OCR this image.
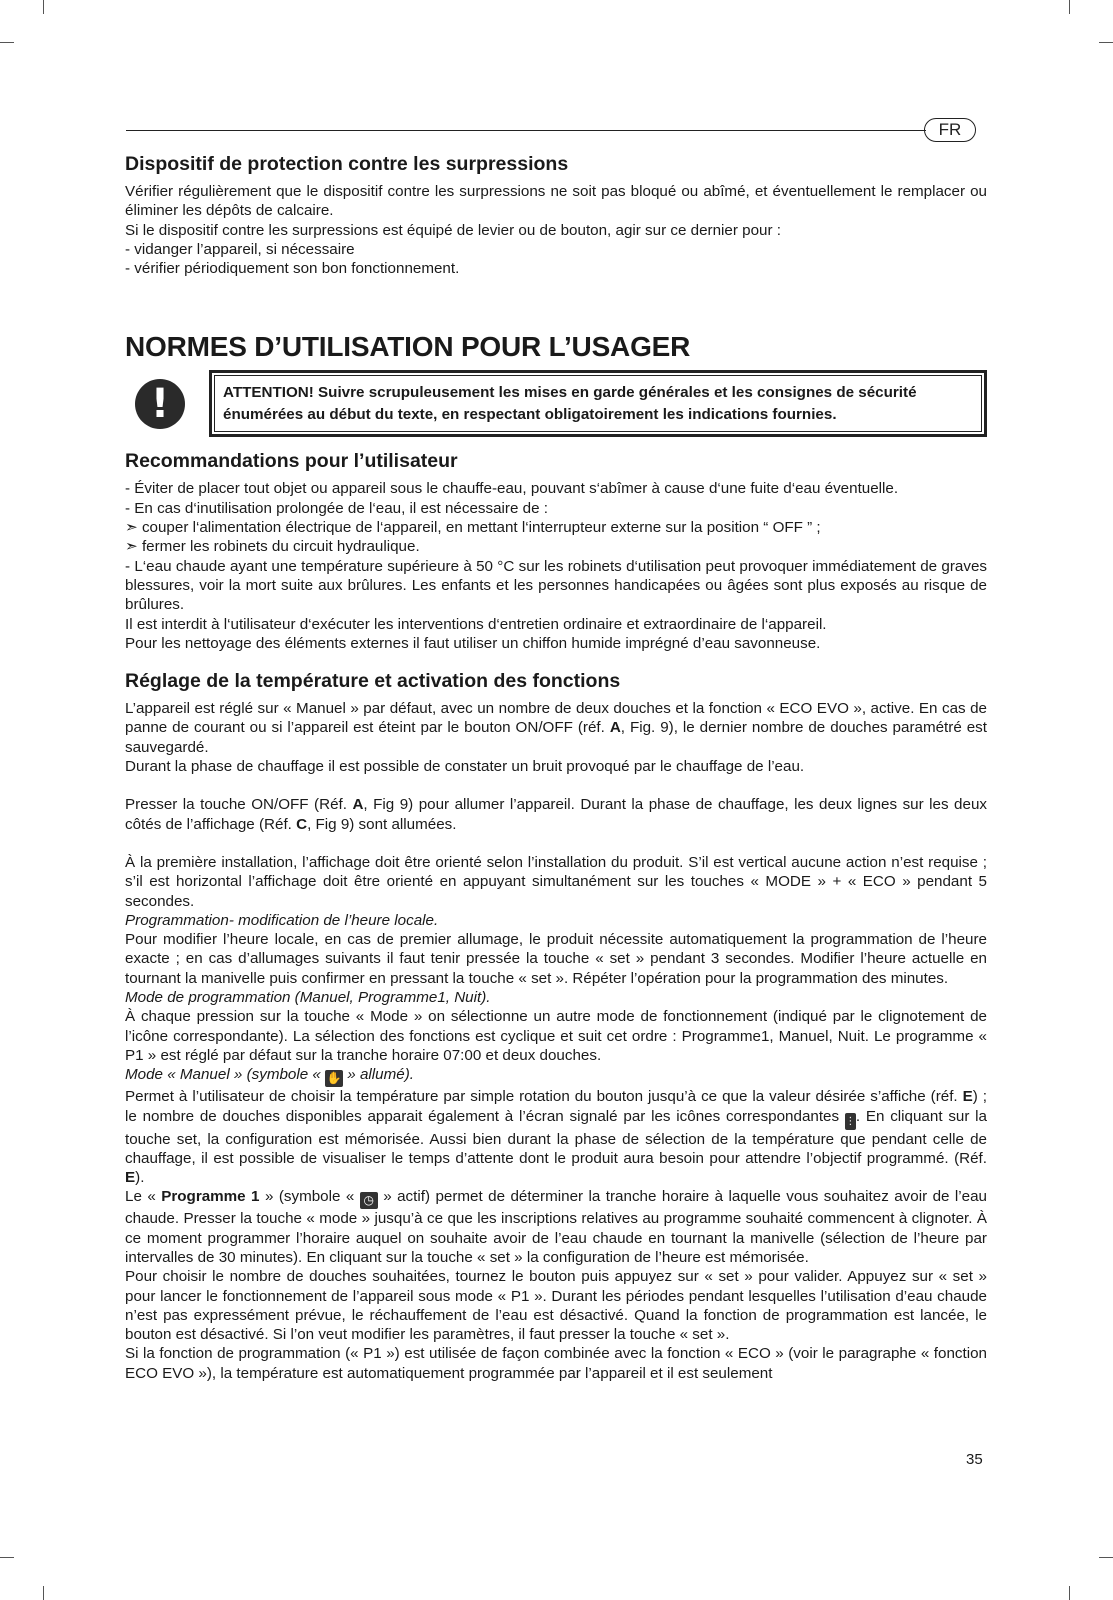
FR
Dispositif de protection contre les surpressions

Vérifier régulièrement que le dispositif contre les surpressions ne soit pas bloqué ou abîmé, et éventuellement le remplacer ou éliminer les dépôts de calcaire.

Si le dispositif contre les surpressions est équipé de levier ou de bouton, agir sur ce dernier pour :

- vidanger l’appareil, si nécessaire

- vérifier périodiquement son bon fonctionnement.

NORMES D’UTILISATION POUR L’USAGER
!	ATTENTION! Suivre scrupuleusement les mises en garde générales et les consignes de sécurité énumérées au début du texte, en respectant obligatoirement les indications fournies.
Recommandations pour l’utilisateur

- Éviter de placer tout objet ou appareil sous le chauffe-eau, pouvant s‘abîmer à cause d‘une fuite d‘eau éventuelle.

- En cas d‘inutilisation prolongée de l‘eau, il est nécessaire de :

➣ couper l‘alimentation électrique de l‘appareil, en mettant l‘interrupteur externe sur la position “ OFF ” ;

➣ fermer les robinets du circuit hydraulique.

- L‘eau chaude ayant une température supérieure à 50 °C sur les robinets d‘utilisation peut provoquer immédiatement de graves blessures, voir la mort suite aux brûlures. Les enfants et les personnes handicapées ou âgées sont plus exposés au risque de brûlures.

Il est interdit à l‘utilisateur d‘exécuter les interventions d‘entretien ordinaire et extraordinaire de l‘appareil.

Pour les nettoyage des éléments externes il faut utiliser un chiffon humide imprégné d’eau savonneuse.

Réglage de la température et activation des fonctions

L’appareil est réglé sur « Manuel » par défaut, avec un nombre de deux douches et la fonction « ECO EVO », active. En cas de panne de courant ou si l’appareil est éteint par le bouton ON/OFF (réf. A, Fig. 9), le dernier nombre de douches paramétré est sauvegardé.

Durant la phase de chauffage il est possible de constater un bruit provoqué par le chauffage de l’eau.

Presser la touche ON/OFF (Réf. A, Fig 9) pour allumer l’appareil. Durant la phase de chauffage, les deux lignes sur les deux côtés de l’affichage (Réf. C, Fig 9) sont allumées.

À la première installation, l’affichage doit être orienté selon l’installation du produit. S’il est vertical aucune action n’est requise ; s’il est horizontal l’affichage doit être orienté en appuyant simultanément sur les touches « MODE » + « ECO » pendant 5 secondes.

Programmation- modification de l’heure locale.

Pour modifier l’heure locale, en cas de premier allumage, le produit nécessite automatiquement la programmation de l’heure exacte ; en cas d’allumages suivants il faut tenir pressée la touche « set » pendant 3 secondes. Modifier l’heure actuelle en tournant la manivelle puis confirmer en pressant la touche « set ». Répéter l’opération pour la programmation des minutes.

Mode de programmation (Manuel, Programme1, Nuit).

À chaque pression sur la touche « Mode » on sélectionne un autre mode de fonctionnement (indiqué par le clignotement de l’icône correspondante). La sélection des fonctions est cyclique et suit cet ordre : Programme1, Manuel, Nuit. Le programme « P1 » est réglé par défaut sur la tranche horaire 07:00 et deux douches.

Mode « Manuel » (symbole « ✋ » allumé).

Permet à l’utilisateur de choisir la température par simple rotation du bouton jusqu’à ce que la valeur désirée s’affiche (réf. E) ; le nombre de douches disponibles apparait également à l’écran signalé par les icônes correspondantes ⋮. En cliquant sur la touche set, la configuration est mémorisée. Aussi bien durant la phase de sélection de la température que pendant celle de chauffage, il est possible de visualiser le temps d’attente dont le produit aura besoin pour attendre l’objectif programmé. (Réf. E).

Le « Programme 1 » (symbole « ◷ » actif) permet de déterminer la tranche horaire à laquelle vous souhaitez avoir de l’eau chaude. Presser la touche « mode » jusqu’à ce que les inscriptions relatives au programme souhaité commencent à clignoter. À ce moment programmer l’horaire auquel on souhaite avoir de l’eau chaude en tournant la manivelle (sélection de l’heure par intervalles de 30 minutes). En cliquant sur la touche « set » la configuration de l’heure est mémorisée.

Pour choisir le nombre de douches souhaitées, tournez le bouton puis appuyez sur « set » pour valider. Appuyez sur « set » pour lancer le fonctionnement de l’appareil sous mode « P1 ». Durant les périodes pendant lesquelles l’utilisation d’eau chaude n’est pas expressément prévue, le réchauffement de l’eau est désactivé. Quand la fonction de programmation est lancée, le bouton est désactivé. Si l’on veut modifier les paramètres, il faut presser la touche « set ».

Si la fonction de programmation (« P1 ») est utilisée de façon combinée avec la fonction « ECO » (voir le paragraphe « fonction ECO EVO »), la température est automatiquement programmée par l’appareil et il est seulement

35
